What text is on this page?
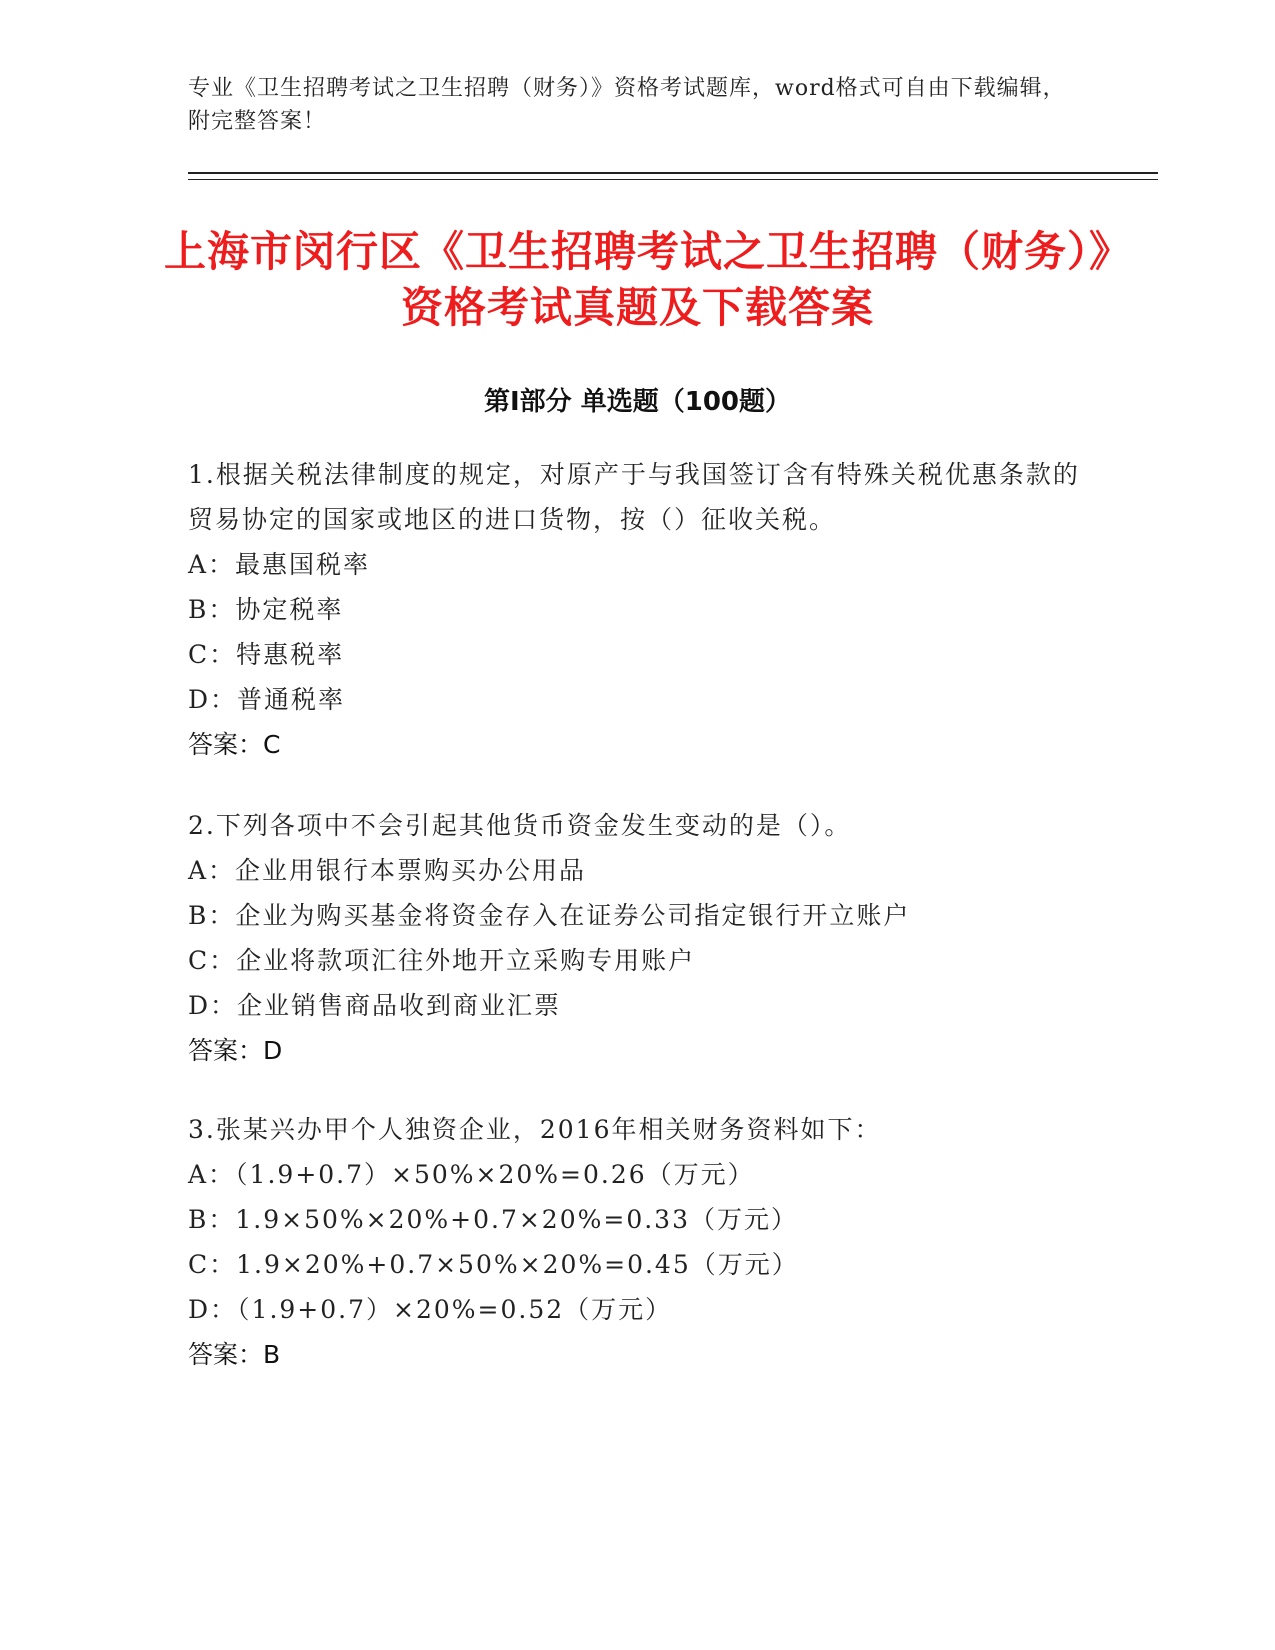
专业《卫生招聘考试之卫生招聘（财务）》资格考试题库，word格式可自由下载编辑，附完整答案！
上海市闵行区《卫生招聘考试之卫生招聘（财务）》资格考试真题及下载答案
第I部分 单选题（100题）
1.根据关税法律制度的规定，对原产于与我国签订含有特殊关税优惠条款的贸易协定的国家或地区的进口货物，按（）征收关税。
A：最惠国税率
B：协定税率
C：特惠税率
D：普通税率
答案：C
2.下列各项中不会引起其他货币资金发生变动的是（）。
A：企业用银行本票购买办公用品
B：企业为购买基金将资金存入在证券公司指定银行开立账户
C：企业将款项汇往外地开立采购专用账户
D：企业销售商品收到商业汇票
答案：D
3.张某兴办甲个人独资企业，2016年相关财务资料如下：
A：（1.9+0.7）×50%×20%=0.26（万元）
B：1.9×50%×20%+0.7×20%=0.33（万元）
C：1.9×20%+0.7×50%×20%=0.45（万元）
D：（1.9+0.7）×20%=0.52（万元）
答案：B
